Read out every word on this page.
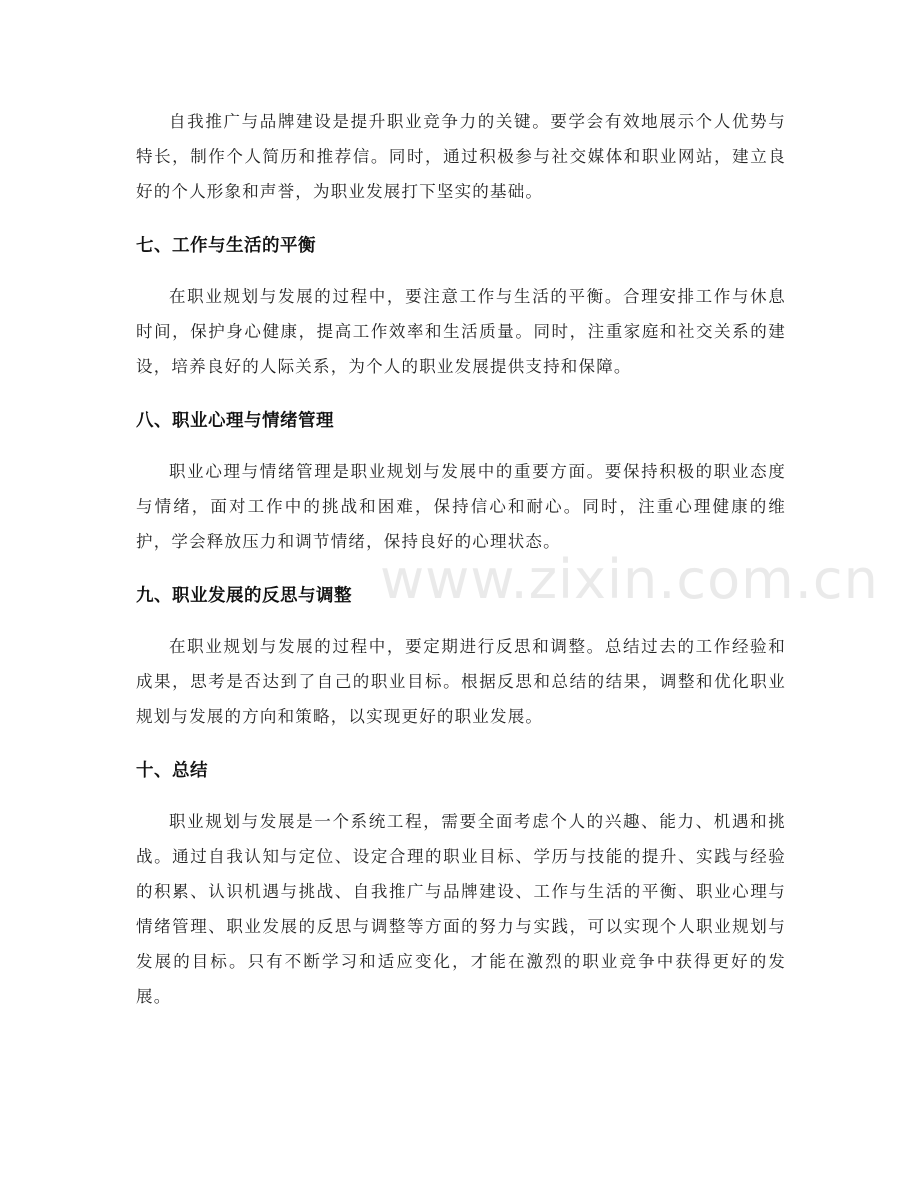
自我推广与品牌建设是提升职业竞争力的关键。要学会有效地展示个人优势与特长，制作个人简历和推荐信。同时，通过积极参与社交媒体和职业网站，建立良好的个人形象和声誉，为职业发展打下坚实的基础。

七、工作与生活的平衡

在职业规划与发展的过程中，要注意工作与生活的平衡。合理安排工作与休息时间，保护身心健康，提高工作效率和生活质量。同时，注重家庭和社交关系的建设，培养良好的人际关系，为个人的职业发展提供支持和保障。

八、职业心理与情绪管理

职业心理与情绪管理是职业规划与发展中的重要方面。要保持积极的职业态度与情绪，面对工作中的挑战和困难，保持信心和耐心。同时，注重心理健康的维护，学会释放压力和调节情绪，保持良好的心理状态。

九、职业发展的反思与调整

在职业规划与发展的过程中，要定期进行反思和调整。总结过去的工作经验和成果，思考是否达到了自己的职业目标。根据反思和总结的结果，调整和优化职业规划与发展的方向和策略，以实现更好的职业发展。

十、总结

职业规划与发展是一个系统工程，需要全面考虑个人的兴趣、能力、机遇和挑战。通过自我认知与定位、设定合理的职业目标、学历与技能的提升、实践与经验的积累、认识机遇与挑战、自我推广与品牌建设、工作与生活的平衡、职业心理与情绪管理、职业发展的反思与调整等方面的努力与实践，可以实现个人职业规划与发展的目标。只有不断学习和适应变化，才能在激烈的职业竞争中获得更好的发展。

www.zixin.com.cn
